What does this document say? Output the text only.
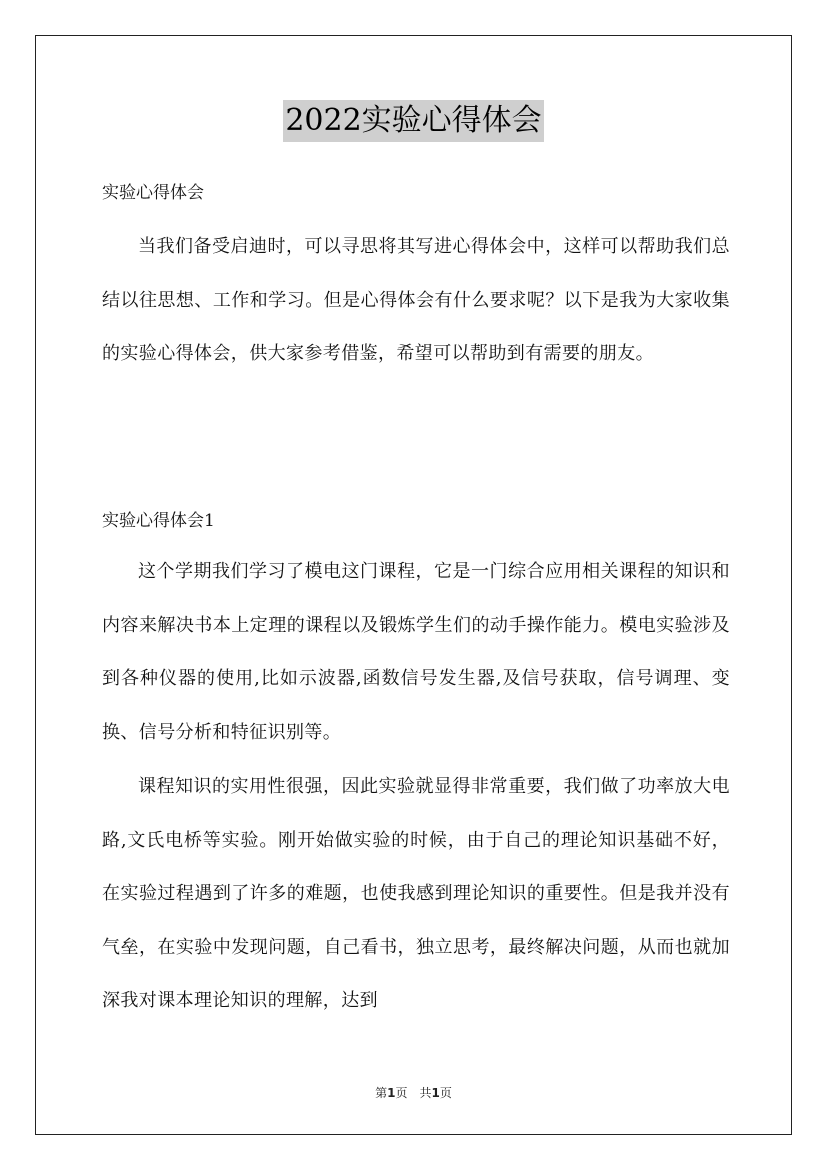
2022实验心得体会
实验心得体会

当我们备受启迪时，可以寻思将其写进心得体会中，这样可以帮助我们总结以往思想、工作和学习。但是心得体会有什么要求呢？以下是我为大家收集的实验心得体会，供大家参考借鉴，希望可以帮助到有需要的朋友。

实验心得体会1

这个学期我们学习了模电这门课程，它是一门综合应用相关课程的知识和内容来解决书本上定理的课程以及锻炼学生们的动手操作能力。模电实验涉及到各种仪器的使用,比如示波器,函数信号发生器,及信号获取，信号调理、变换、信号分析和特征识别等。

课程知识的实用性很强，因此实验就显得非常重要，我们做了功率放大电路,文氏电桥等实验。刚开始做实验的时候，由于自己的理论知识基础不好，在实验过程遇到了许多的难题，也使我感到理论知识的重要性。但是我并没有气垒，在实验中发现问题，自己看书，独立思考，最终解决问题，从而也就加深我对课本理论知识的理解，达到

第1页　共1页
